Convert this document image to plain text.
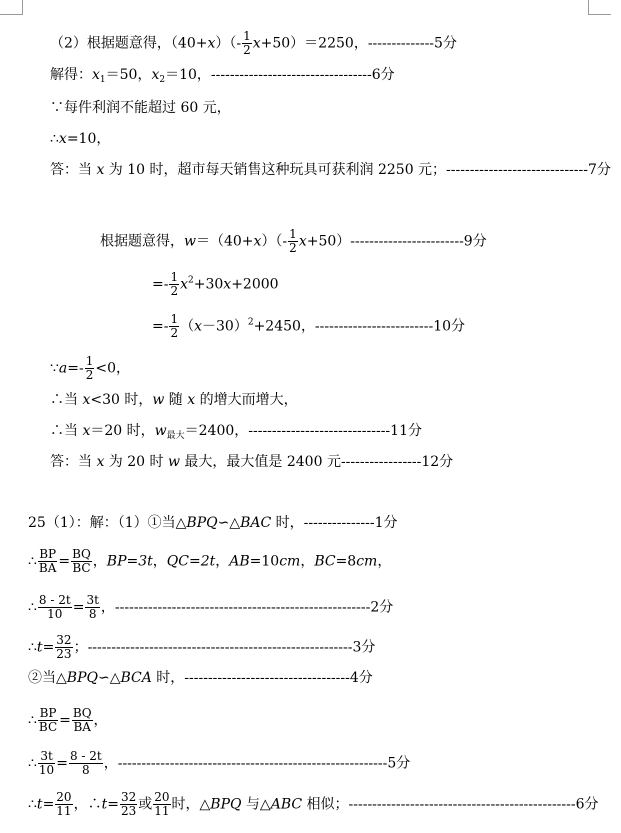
（2）根据题意得，$(40+x)(- \frac{1}{2} x+50)=2250$，--------------5分
解得：$x_1=50$，$x_2=10$，----------------------------------6分
∵每件利润不能超过 60 元，
∴x=10，
答：当 x 为 10 时，超市每天销售这种玩具可获利润 2250 元；------------------------------7分
根据题意得，$w=(40+x)(- \frac{1}{2} x+50)------------------------9$分
=- $\frac{1}{2} x^2+30x+2000$
=- $\frac{1}{2} (x-30)^2+2450$，-------------------------10分
∵a=- $\frac{1}{2} <0$，
∴当 x<30 时，w 随 x 的增大而增大，
∴当 x＝20 时，$w_{最大}=2400$，------------------------------11分
答：当 x 为 20 时 w 最大，最大值是 2400 元-----------------12分
25（1）：解：（1）①当△BPQ∽△BAC 时，---------------1分
∴ $\frac{BP}{BA} = \frac{BQ}{BC}$ ，BP=3t，QC=2t，AB=10cm，BC=8cm，
∴ $\frac{8 - 2t}{10} = \frac{3t}{8}$ ，------------------------------------------------------2分
∴t= $\frac{32}{23}$ ；--------------------------------------------------------3分
②当△BPQ∽△BCA 时，-----------------------------------4分
∴ $\frac{BP}{BC} = \frac{BQ}{BA}$ ，
∴ $\frac{3t}{10} = \frac{8 - 2t}{8}$ ，---------------------------------------------------------5分
∴t= $\frac{20}{11}$ ，∴t= $\frac{32}{23}$ 或 $\frac{20}{11}$ 时，△BPQ 与△ABC 相似；------------------------------------------------6分
